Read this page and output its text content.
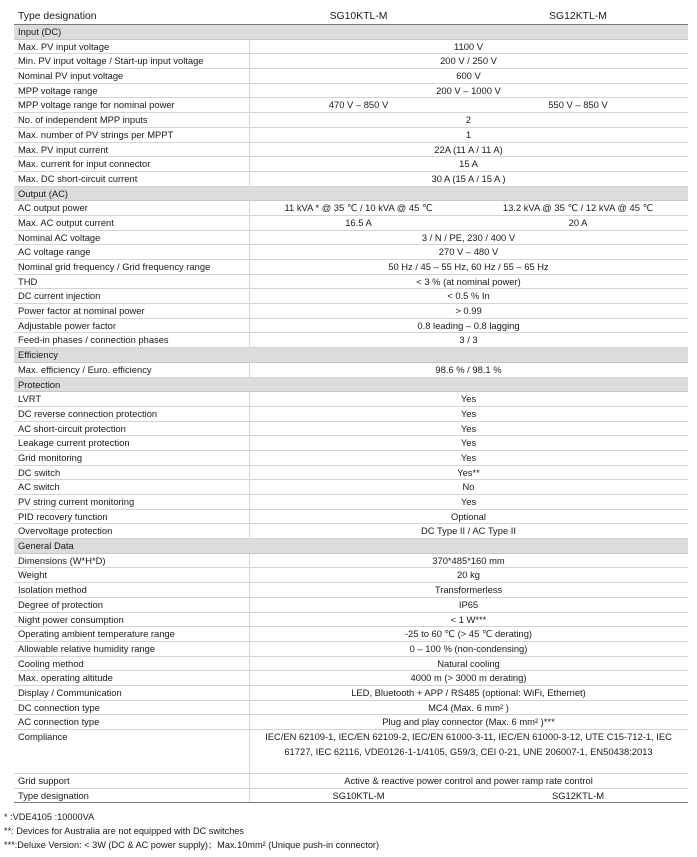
Type designation	SG10KTL-M	SG12KTL-M
Input (DC)
Max. PV input voltage	1100 V
Min. PV input voltage / Start-up input voltage	200 V / 250 V
Nominal PV input voltage	600 V
MPP voltage range	200 V – 1000 V
MPP voltage range for nominal power	470 V – 850 V	550 V – 850 V
No. of independent MPP inputs	2
Max. number of PV strings per MPPT	1
Max. PV input current	22A (11 A / 11 A)
Max. current for input connector	15 A
Max. DC short-circuit current	30 A (15 A / 15 A )
Output (AC)
AC output power	11 kVA * @ 35 ℃ / 10 kVA @ 45 ℃	13.2 kVA @ 35 ℃ / 12 kVA @ 45 ℃
Max. AC output current	16.5 A	20 A
Nominal AC voltage	3 / N / PE, 230 / 400 V
AC voltage range	270 V – 480 V
Nominal grid frequency / Grid frequency range	50 Hz / 45 – 55 Hz, 60 Hz / 55 – 65 Hz
THD	< 3 % (at nominal power)
DC current injection	< 0.5 % In
Power factor at nominal power	> 0.99
Adjustable power factor	0.8 leading – 0.8 lagging
Feed-in phases / connection phases	3 / 3
Efficiency
Max. efficiency / Euro. efficiency	98.6 % / 98.1 %
Protection
LVRT	Yes
DC reverse connection protection	Yes
AC short-circuit protection	Yes
Leakage current protection	Yes
Grid monitoring	Yes
DC switch	Yes**
AC switch	No
PV string current monitoring	Yes
PID recovery function	Optional
Overvoltage protection	DC Type II / AC Type II
General Data
Dimensions (W*H*D)	370*485*160 mm
Weight	20 kg
Isolation method	Transformerless
Degree of protection	IP65
Night power consumption	< 1 W***
Operating ambient temperature range	-25 to 60 ℃ (> 45 ℃ derating)
Allowable relative humidity range	0 – 100 % (non-condensing)
Cooling method	Natural cooling
Max. operating altitude	4000 m (> 3000 m derating)
Display / Communication	LED, Bluetooth + APP / RS485 (optional: WiFi, Ethernet)
DC connection type	MC4 (Max. 6 mm² )
AC connection type	Plug and play connector (Max. 6 mm² )***
Compliance	IEC/EN 62109-1, IEC/EN 62109-2, IEC/EN 61000-3-11, IEC/EN 61000-3-12, UTE C15-712-1, IEC 61727, IEC 62116, VDE0126-1-1/4105, G59/3, CEI 0-21, UNE 206007-1, EN50438:2013
Grid support	Active & reactive power control and power ramp rate control
Type designation	SG10KTL-M	SG12KTL-M
* :VDE4105 :10000VA
**: Devices for Australia are not equipped with DC switches
***:Deluxe Version: < 3W (DC & AC power supply)；Max.10mm² (Unique push-in connector)
